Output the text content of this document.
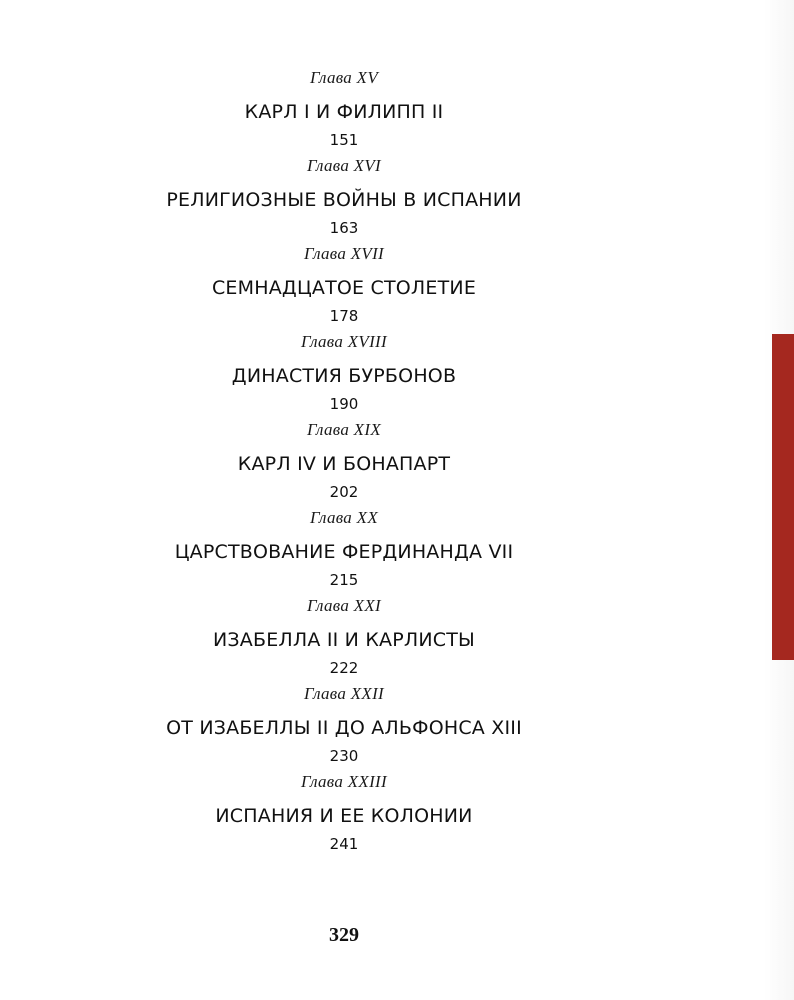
Глава XV
КАРЛ I И ФИЛИПП II
151
Глава XVI
РЕЛИГИОЗНЫЕ ВОЙНЫ В ИСПАНИИ
163
Глава XVII
СЕМНАДЦАТОЕ СТОЛЕТИЕ
178
Глава XVIII
ДИНАСТИЯ БУРБОНОВ
190
Глава XIX
КАРЛ IV И БОНАПАРТ
202
Глава XX
ЦАРСТВОВАНИЕ ФЕРДИНАНДА VII
215
Глава XXI
ИЗАБЕЛЛА II И КАРЛИСТЫ
222
Глава XXII
ОТ ИЗАБЕЛЛЫ II ДО АЛЬФОНСА XIII
230
Глава XXIII
ИСПАНИЯ И ЕЕ КОЛОНИИ
241
329
